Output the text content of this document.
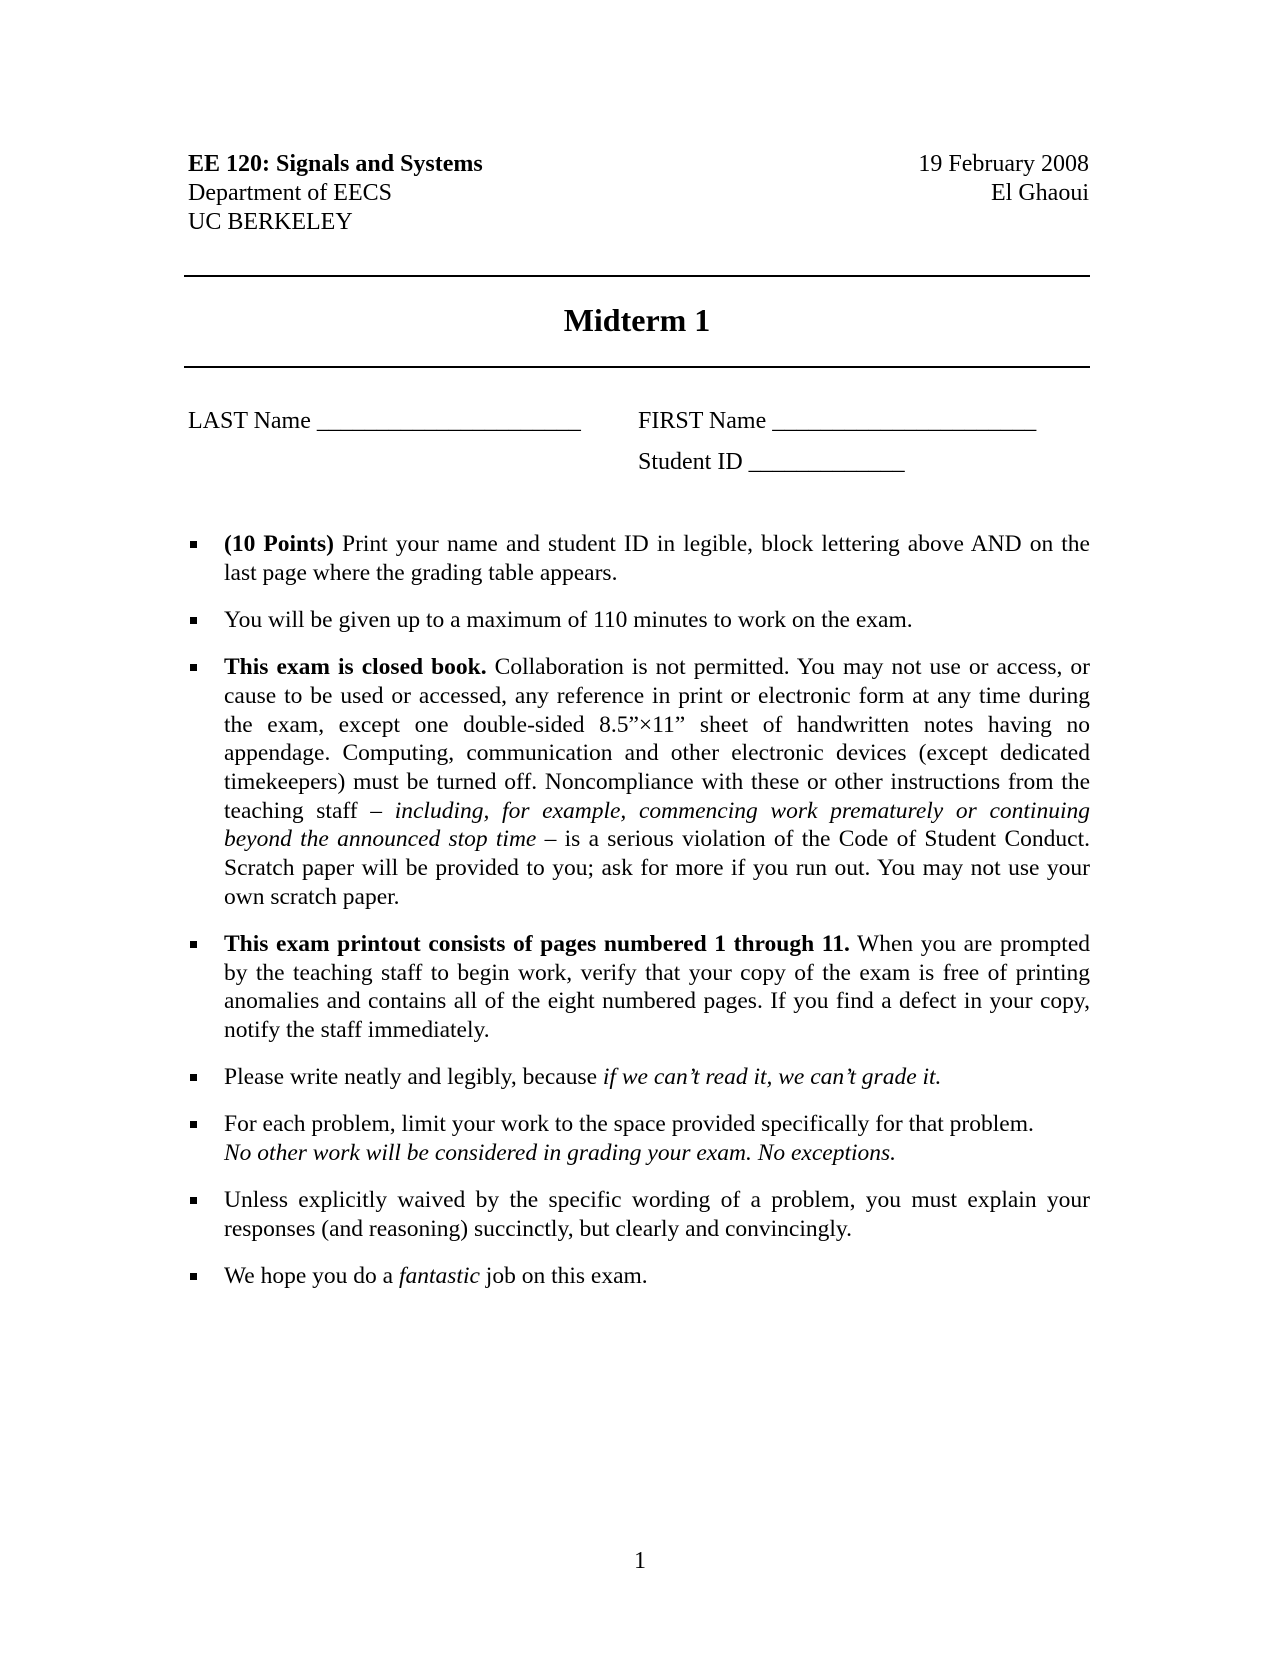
EE 120: Signals and Systems
Department of EECS
UC BERKELEY
19 February 2008
El Ghaoui
Midterm 1
LAST Name ______________________ FIRST Name ______________________
Student ID _____________
(10 Points) Print your name and student ID in legible, block lettering above AND on the last page where the grading table appears.
You will be given up to a maximum of 110 minutes to work on the exam.
This exam is closed book. Collaboration is not permitted. You may not use or access, or cause to be used or accessed, any reference in print or electronic form at any time during the exam, except one double-sided 8.5”×11” sheet of handwritten notes having no appendage. Computing, communication and other electronic devices (except dedicated timekeepers) must be turned off. Noncompliance with these or other instructions from the teaching staff – including, for example, commencing work prematurely or continuing beyond the announced stop time – is a serious violation of the Code of Student Conduct. Scratch paper will be provided to you; ask for more if you run out. You may not use your own scratch paper.
This exam printout consists of pages numbered 1 through 11. When you are prompted by the teaching staff to begin work, verify that your copy of the exam is free of printing anomalies and contains all of the eight numbered pages. If you find a defect in your copy, notify the staff immediately.
Please write neatly and legibly, because if we can’t read it, we can’t grade it.
For each problem, limit your work to the space provided specifically for that problem.
No other work will be considered in grading your exam. No exceptions.
Unless explicitly waived by the specific wording of a problem, you must explain your responses (and reasoning) succinctly, but clearly and convincingly.
We hope you do a fantastic job on this exam.
1
